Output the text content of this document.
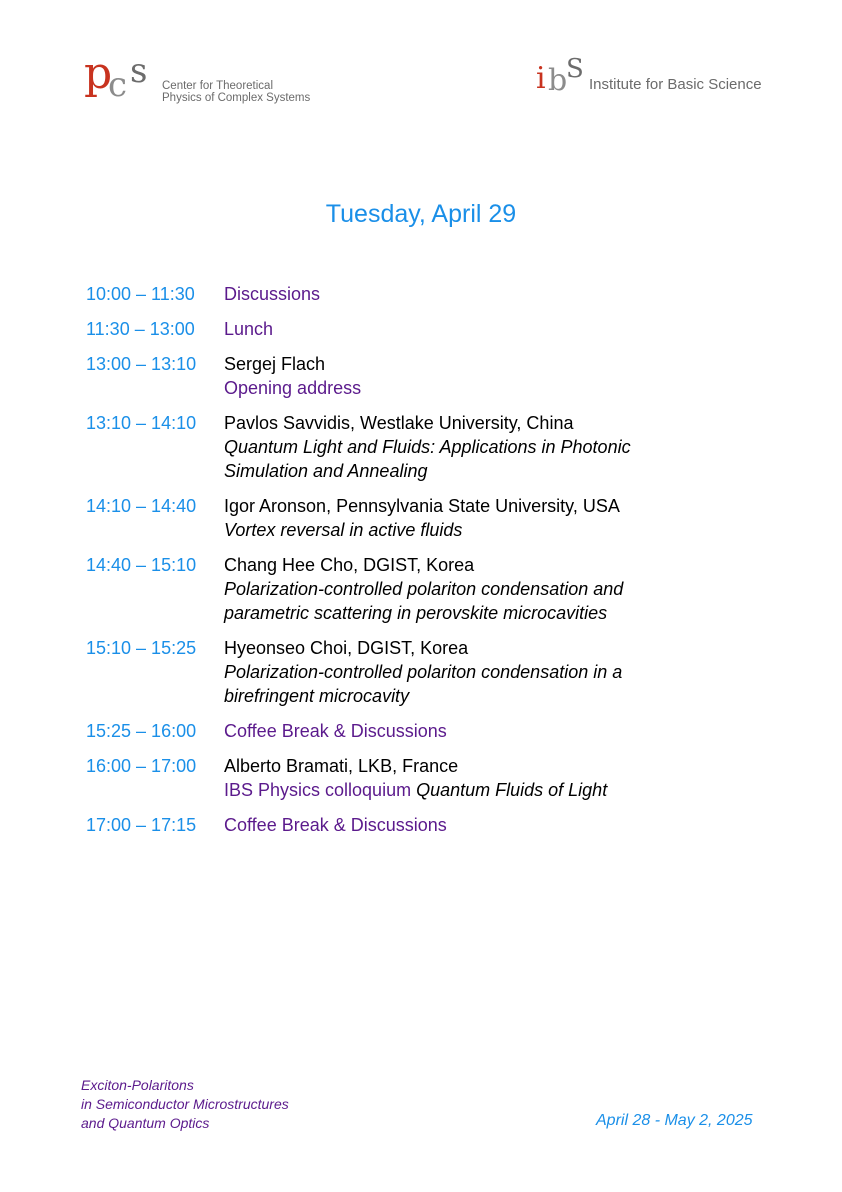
p
c s Center for Theoretical
Physics of Complex Systems
i b
S
Institute for Basic Science
Tuesday, April 29
10:00 – 11:30	Discussions
11:30 – 13:00	Lunch
13:00 – 13:10	Sergej Flach
Opening address
13:10 – 14:10	Pavlos Savvidis, Westlake University, China
Quantum Light and Fluids: Applications in Photonic
Simulation and Annealing
14:10 – 14:40	Igor Aronson, Pennsylvania State University, USA
Vortex reversal in active fluids
14:40 – 15:10	Chang Hee Cho, DGIST, Korea
Polarization-controlled polariton condensation and
parametric scattering in perovskite microcavities
15:10 – 15:25	Hyeonseo Choi, DGIST, Korea
Polarization-controlled polariton condensation in a
birefringent microcavity
15:25 – 16:00	Coffee Break & Discussions
16:00 – 17:00	Alberto Bramati, LKB, France
IBS Physics colloquium Quantum Fluids of Light
17:00 – 17:15	Coffee Break & Discussions
Exciton-Polaritons
in Semiconductor Microstructures
and Quantum Optics	April 28 - May 2, 2025
